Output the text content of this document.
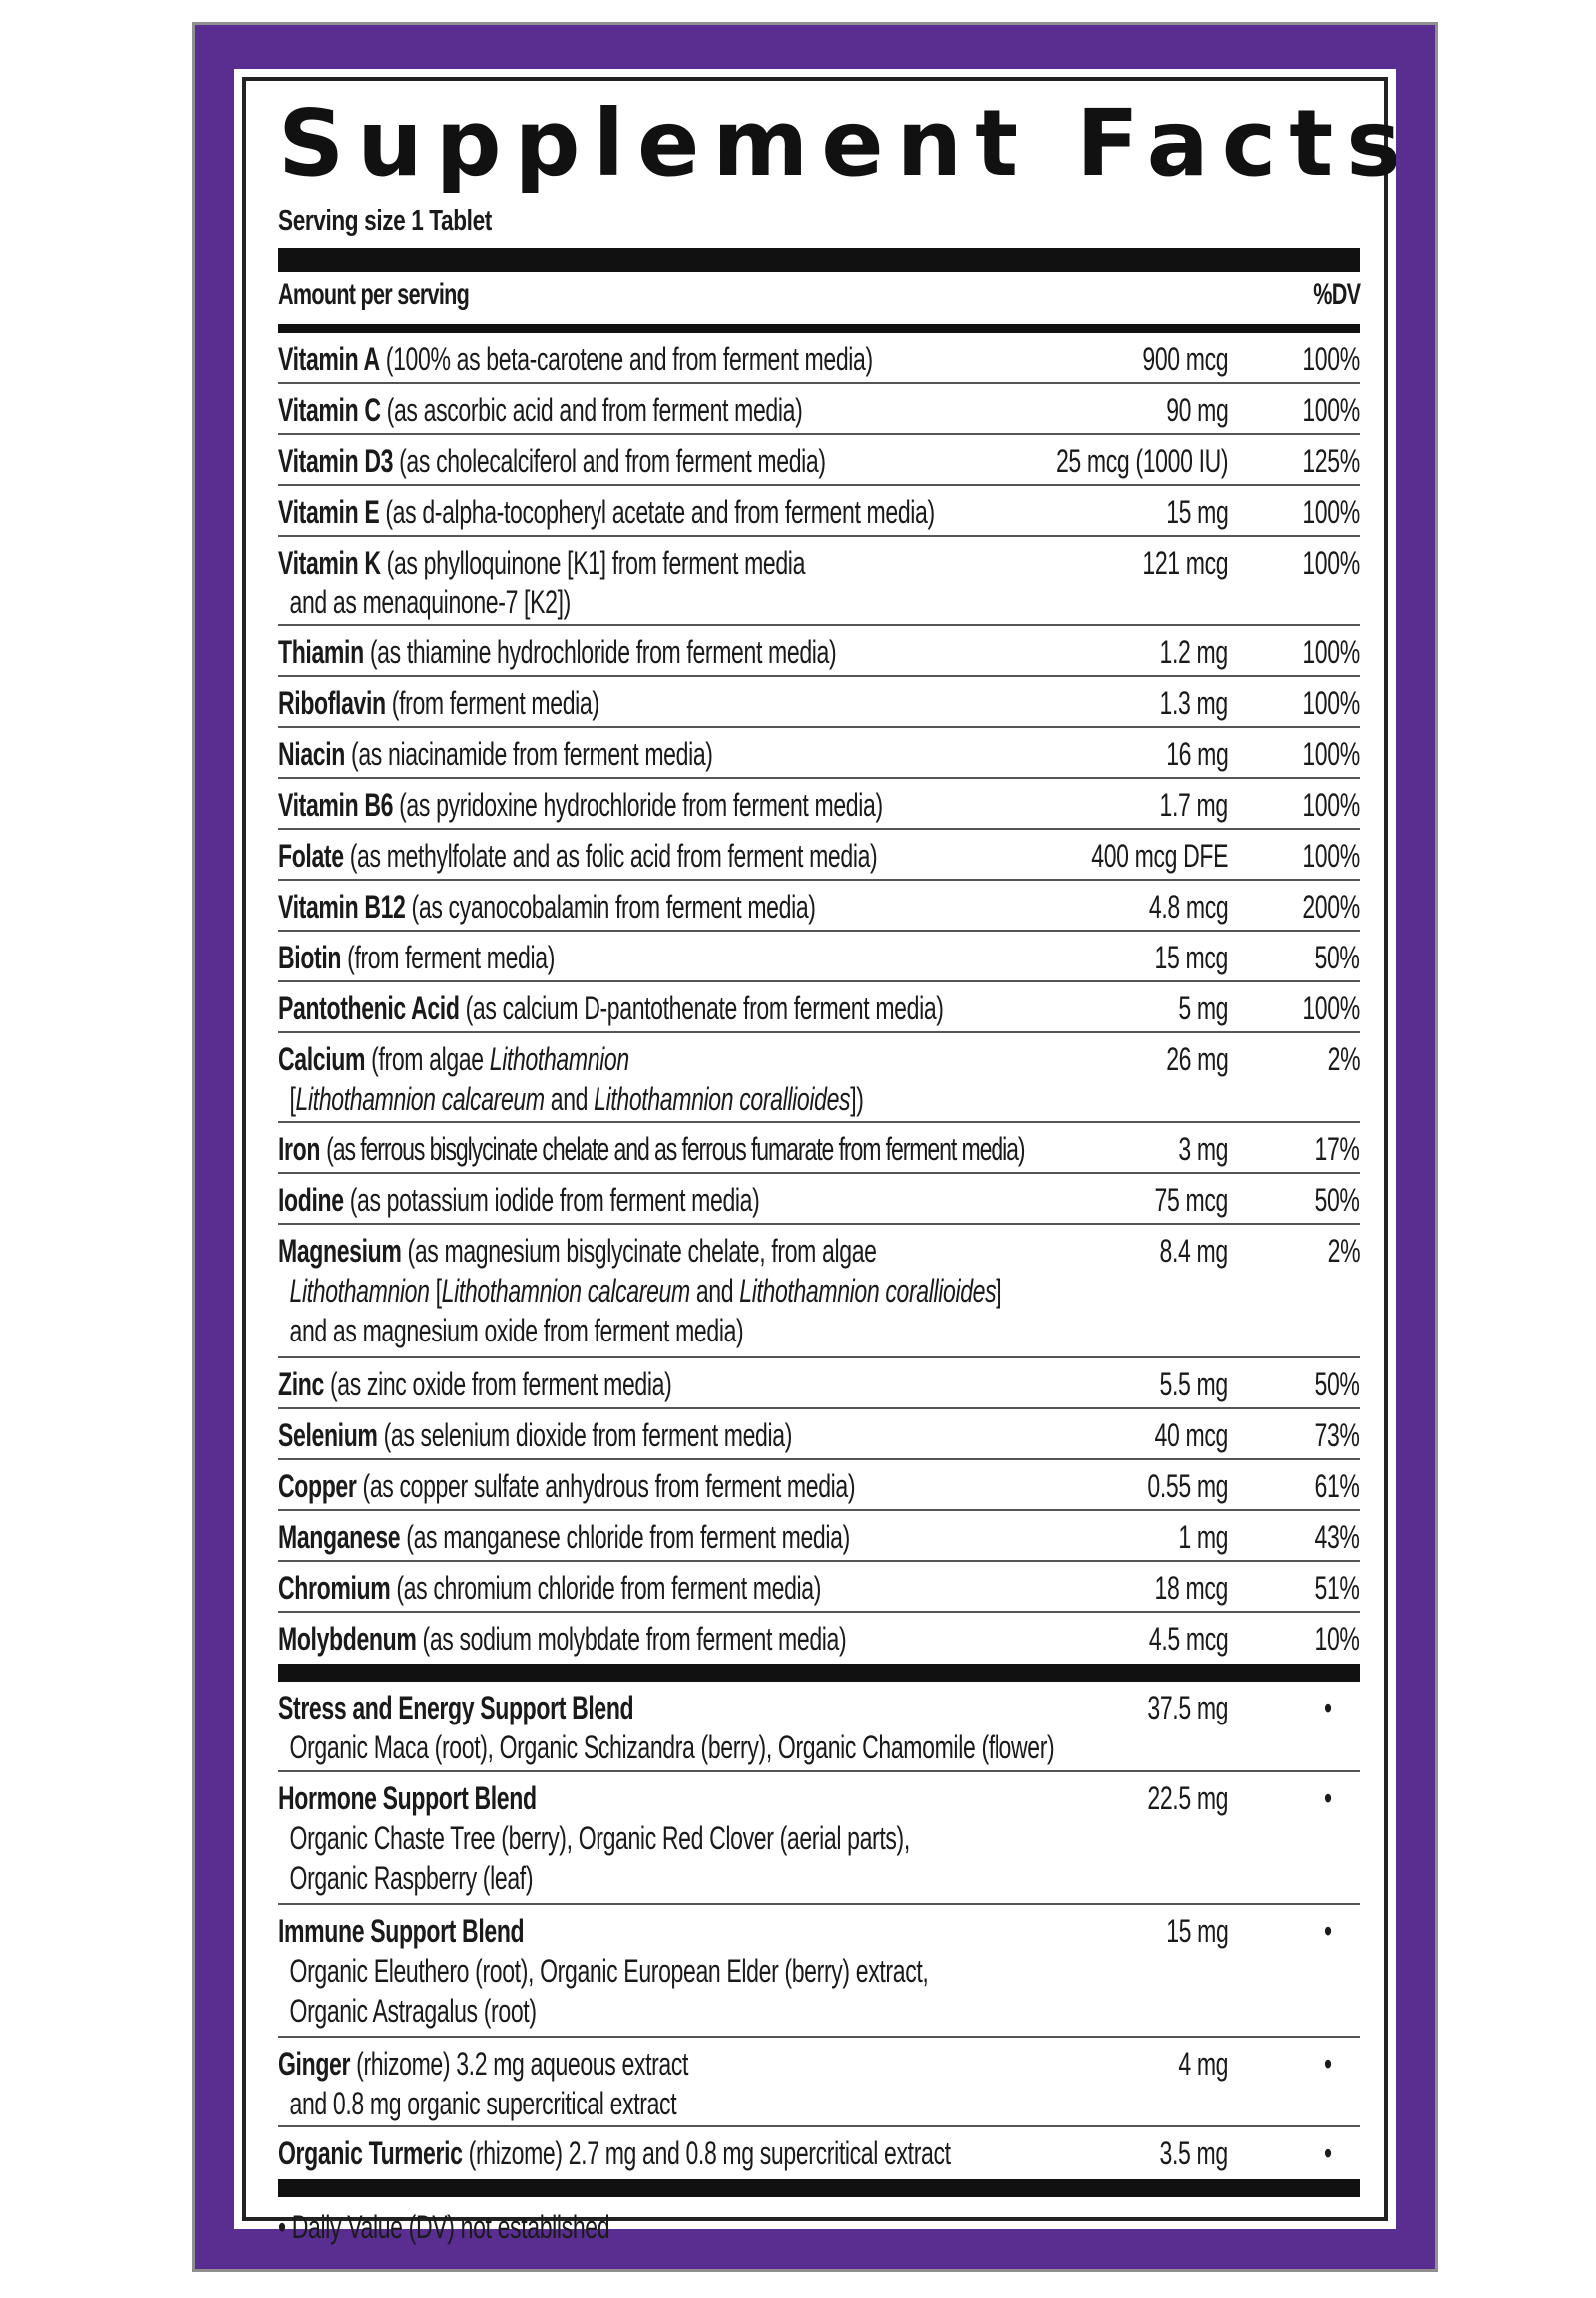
Supplement Facts
Serving size 1 Tablet
Amount per serving	%DV
Vitamin A (100% as beta-carotene and from ferment media)	900 mcg 100%
Vitamin C (as ascorbic acid and from ferment media)	90 mg 100%
Vitamin D3 (as cholecalciferol and from ferment media)	25 mcg (1000 IU) 125%
Vitamin E (as d-alpha-tocopheryl acetate and from ferment media)	15 mg 100%
Vitamin K (as phylloquinone [K1] from ferment media
and as menaquinone-7 [K2])
121 mcg 100%
Thiamin (as thiamine hydrochloride from ferment media)	1.2 mg 100%
Riboflavin (from ferment media)	1.3 mg 100%
Niacin (as niacinamide from ferment media)	16 mg 100%
Vitamin B6 (as pyridoxine hydrochloride from ferment media)	1.7 mg 100%
Folate (as methylfolate and as folic acid from ferment media)	400 mcg DFE 100%
Vitamin B12 (as cyanocobalamin from ferment media)	4.8 mcg 200%
Biotin (from ferment media)	15 mcg	50%
Pantothenic Acid (as calcium D-pantothenate from ferment media)	5 mg 100%
Calcium (from algae Lithothamnion
[Lithothamnion calcareum and Lithothamnion corallioides])
26 mg	2%
Iron (as ferrous bisglycinate chelate and as ferrous fumarate from ferment media)	3 mg	17%
Iodine (as potassium iodide from ferment media)	75 mcg	50%
Magnesium (as magnesium bisglycinate chelate, from algae
Lithothamnion [Lithothamnion calcareum and Lithothamnion corallioides]
and as magnesium oxide from ferment media)
8.4 mg	2%
Zinc (as zinc oxide from ferment media)	5.5 mg	50%
Selenium (as selenium dioxide from ferment media)	40 mcg	73%
Copper (as copper sulfate anhydrous from ferment media)	0.55 mg	61%
Manganese (as manganese chloride from ferment media)	1 mg	43%
Chromium (as chromium chloride from ferment media)	18 mcg	51%
Molybdenum (as sodium molybdate from ferment media)	4.5 mcg	10%
Stress and Energy Support Blend
Organic Maca (root), Organic Schizandra (berry), Organic Chamomile (flower)
37.5 mg	•
Hormone Support Blend
Organic Chaste Tree (berry), Organic Red Clover (aerial parts),
Organic Raspberry (leaf)
22.5 mg	•
Immune Support Blend
Organic Eleuthero (root), Organic European Elder (berry) extract,
Organic Astragalus (root)
15 mg	•
Ginger (rhizome) 3.2 mg aqueous extract
and 0.8 mg organic supercritical extract
4 mg	•
Organic Turmeric (rhizome) 2.7 mg and 0.8 mg supercritical extract	3.5 mg	•
• Daily Value (DV) not established
